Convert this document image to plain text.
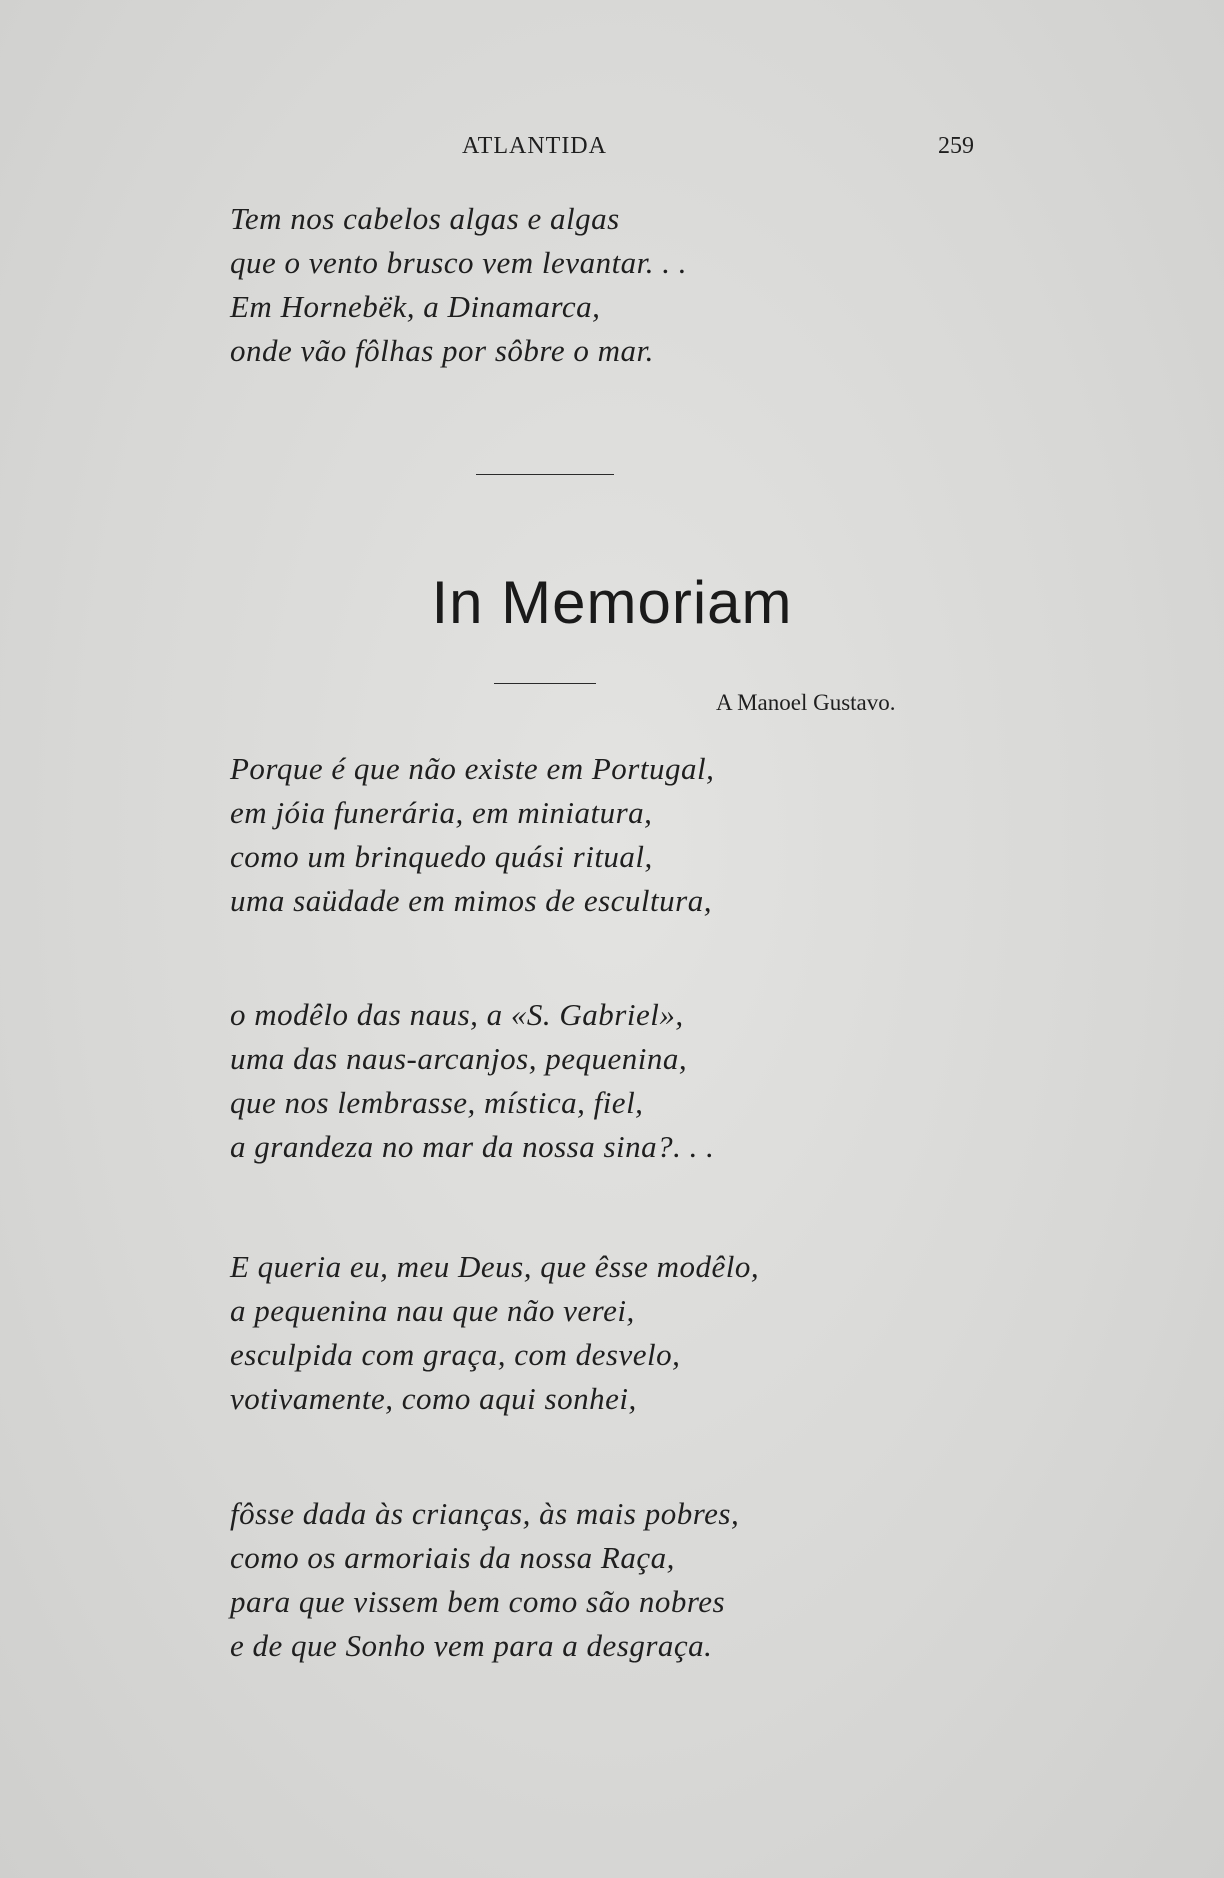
ATLANTIDA	259
Tem nos cabelos algas e algas
que o vento brusco vem levantar. . .
Em Hornebëk, a Dinamarca,
onde vão fôlhas por sôbre o mar.
In Memoriam
A Manoel Gustavo.
Porque é que não existe em Portugal,
em jóia funerária, em miniatura,
como um brinquedo quási ritual,
uma saüdade em mimos de escultura,
o modêlo das naus, a «S. Gabriel»,
uma das naus-arcanjos, pequenina,
que nos lembrasse, mística, fiel,
a grandeza no mar da nossa sina?. . .
E queria eu, meu Deus, que êsse modêlo,
a pequenina nau que não verei,
esculpida com graça, com desvelo,
votivamente, como aqui sonhei,
fôsse dada às crianças, às mais pobres,
como os armoriais da nossa Raça,
para que vissem bem como são nobres
e de que Sonho vem para a desgraça.
